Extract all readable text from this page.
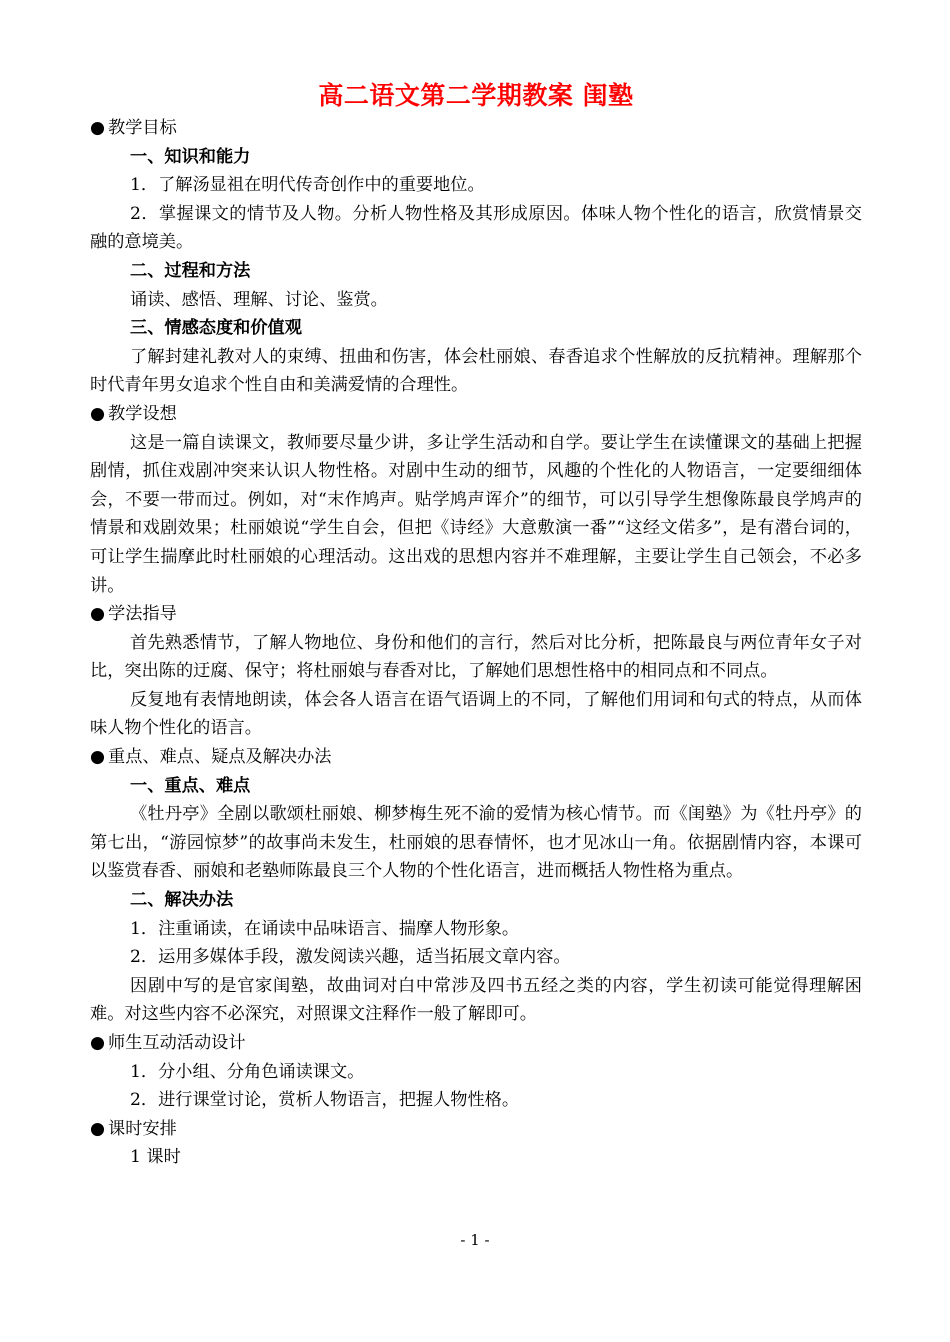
高二语文第二学期教案 闺塾

● 教学目标

一、知识和能力

1．了解汤显祖在明代传奇创作中的重要地位。

2．掌握课文的情节及人物。分析人物性格及其形成原因。体味人物个性化的语言，欣赏情景交融的意境美。

二、过程和方法

诵读、感悟、理解、讨论、鉴赏。

三、情感态度和价值观

了解封建礼教对人的束缚、扭曲和伤害，体会杜丽娘、春香追求个性解放的反抗精神。理解那个时代青年男女追求个性自由和美满爱情的合理性。

● 教学设想

这是一篇自读课文，教师要尽量少讲，多让学生活动和自学。要让学生在读懂课文的基础上把握剧情，抓住戏剧冲突来认识人物性格。对剧中生动的细节，风趣的个性化的人物语言，一定要细细体会，不要一带而过。例如，对“末作鸠声。贴学鸠声诨介”的细节，可以引导学生想像陈最良学鸠声的情景和戏剧效果；杜丽娘说“学生自会，但把《诗经》大意敷演一番”“这经文偌多”，是有潜台词的，可让学生揣摩此时杜丽娘的心理活动。这出戏的思想内容并不难理解，主要让学生自己领会，不必多讲。

● 学法指导

首先熟悉情节，了解人物地位、身份和他们的言行，然后对比分析，把陈最良与两位青年女子对比，突出陈的迂腐、保守；将杜丽娘与春香对比，了解她们思想性格中的相同点和不同点。

反复地有表情地朗读，体会各人语言在语气语调上的不同，了解他们用词和句式的特点，从而体味人物个性化的语言。

● 重点、难点、疑点及解决办法

一、重点、难点

《牡丹亭》全剧以歌颂杜丽娘、柳梦梅生死不渝的爱情为核心情节。而《闺塾》为《牡丹亭》的第七出，“游园惊梦”的故事尚未发生，杜丽娘的思春情怀，也才见冰山一角。依据剧情内容，本课可以鉴赏春香、丽娘和老塾师陈最良三个人物的个性化语言，进而概括人物性格为重点。

二、解决办法

1．注重诵读，在诵读中品味语言、揣摩人物形象。

2．运用多媒体手段，激发阅读兴趣，适当拓展文章内容。

因剧中写的是官家闺塾，故曲词对白中常涉及四书五经之类的内容，学生初读可能觉得理解困难。对这些内容不必深究，对照课文注释作一般了解即可。

● 师生互动活动设计

1．分小组、分角色诵读课文。

2．进行课堂讨论，赏析人物语言，把握人物性格。

● 课时安排

1 课时

- 1 -
